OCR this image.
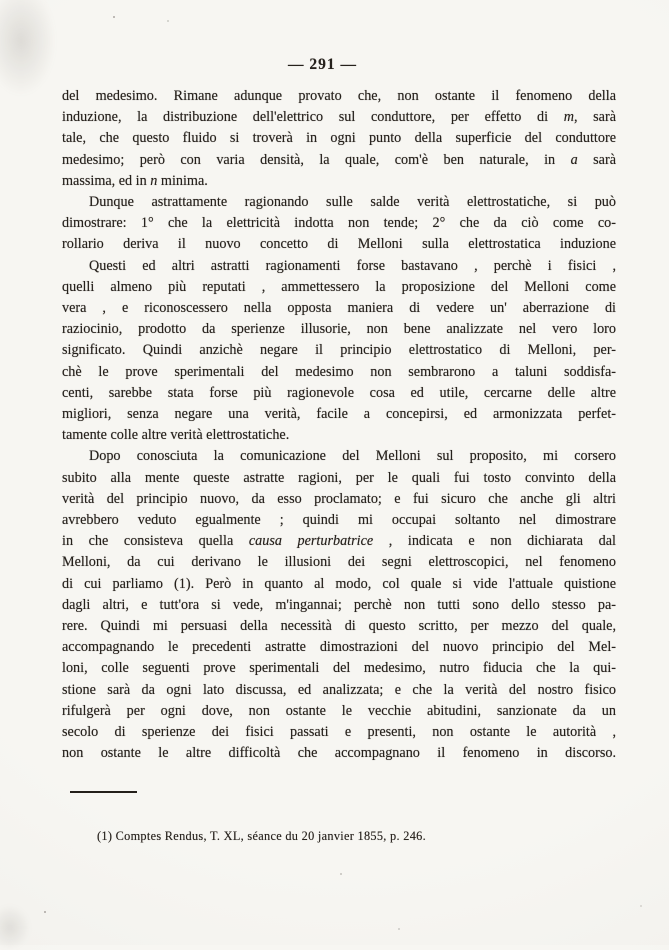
— 291 —
del medesimo. Rimane adunque provato che, non ostante il fenomeno della
induzione, la distribuzione dell'elettrico sul conduttore, per effetto di m, sarà
tale, che questo fluido si troverà in ogni punto della superficie del conduttore
medesimo; però con varia densità, la quale, com'è ben naturale, in a sarà
massima, ed in n minima.
Dunque astrattamente ragionando sulle salde verità elettrostatiche, si può
dimostrare: 1° che la elettricità indotta non tende; 2° che da ciò come co-
rollario deriva il nuovo concetto di Melloni sulla elettrostatica induzione
Questi ed altri astratti ragionamenti forse bastavano , perchè i fisici ,
quelli almeno più reputati , ammettessero la proposizione del Melloni come
vera , e riconoscessero nella opposta maniera di vedere un' aberrazione di
raziocinio, prodotto da sperienze illusorie, non bene analizzate nel vero loro
significato. Quindi anzichè negare il principio elettrostatico di Melloni, per-
chè le prove sperimentali del medesimo non sembrarono a taluni soddisfa-
centi, sarebbe stata forse più ragionevole cosa ed utile, cercarne delle altre
migliori, senza negare una verità, facile a concepirsi, ed armonizzata perfet-
tamente colle altre verità elettrostatiche.
Dopo conosciuta la comunicazione del Melloni sul proposito, mi corsero
subito alla mente queste astratte ragioni, per le quali fui tosto convinto della
verità del principio nuovo, da esso proclamato; e fui sicuro che anche gli altri
avrebbero veduto egualmente ; quindi mi occupai soltanto nel dimostrare
in che consisteva quella causa perturbatrice , indicata e non dichiarata dal
Melloni, da cui derivano le illusioni dei segni elettroscopici, nel fenomeno
di cui parliamo (1). Però in quanto al modo, col quale si vide l'attuale quistione
dagli altri, e tutt'ora si vede, m'ingannai; perchè non tutti sono dello stesso pa-
rere. Quindi mi persuasi della necessità di questo scritto, per mezzo del quale,
accompagnando le precedenti astratte dimostrazioni del nuovo principio del Mel-
loni, colle seguenti prove sperimentali del medesimo, nutro fiducia che la qui-
stione sarà da ogni lato discussa, ed analizzata; e che la verità del nostro fisico
rifulgerà per ogni dove, non ostante le vecchie abitudini, sanzionate da un
secolo di sperienze dei fisici passati e presenti, non ostante le autorità ,
non ostante le altre difficoltà che accompagnano il fenomeno in discorso.
(1) Comptes Rendus, T. XL, séance du 20 janvier 1855, p. 246.
